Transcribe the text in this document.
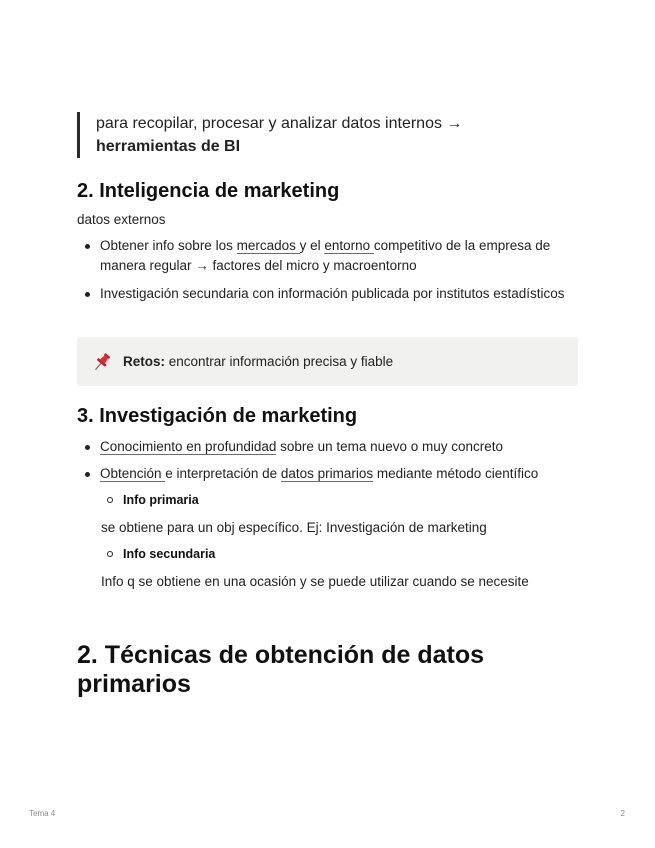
para recopilar, procesar y analizar datos internos →
herramientas de BI
2. Inteligencia de marketing

datos externos

Obtener info sobre los mercados y el entorno competitivo de la empresa de manera regular → factores del micro y macroentorno
Investigación secundaria con información publicada por institutos estadísticos
Retos: encontrar información precisa y fiable
3. Investigación de marketing
Conocimiento en profundidad sobre un tema nuevo o muy concreto
Obtención e interpretación de datos primarios mediante método científico
Info primaria

se obtiene para un obj específico. Ej: Investigación de marketing

Info secundaria

Info q se obtiene en una ocasión y se puede utilizar cuando se necesite

2. Técnicas de obtención de datos primarios
Tema 4	2
